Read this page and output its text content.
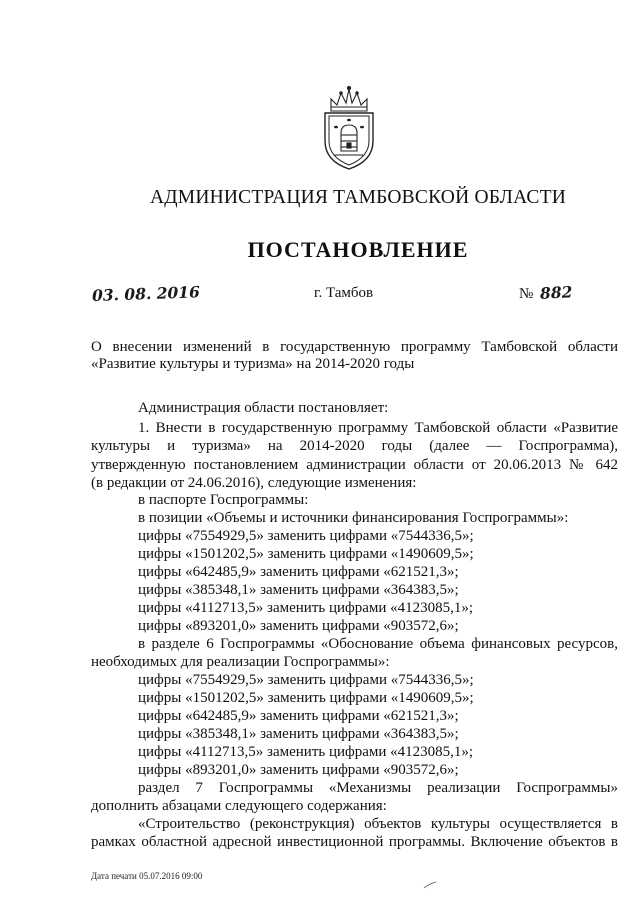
АДМИНИСТРАЦИЯ ТАМБОВСКОЙ ОБЛАСТИ
ПОСТАНОВЛЕНИЕ
03. 08. 2016	г. Тамбов	№ 882
О внесении изменений в государственную программу Тамбовской области «Развитие культуры и туризма» на 2014-2020 годы
Администрация области постановляет:
1. Внести в государственную программу Тамбовской области «Развитие
культуры и туризма» на 2014-2020 годы (далее — Госпрограмма),
утвержденную постановлением администрации области от 20.06.2013 № 642
(в редакции от 24.06.2016), следующие изменения:
в паспорте Госпрограммы:
в позиции «Объемы и источники финансирования Госпрограммы»:
цифры «7554929,5» заменить цифрами «7544336,5»;
цифры «1501202,5» заменить цифрами «1490609,5»;
цифры «642485,9» заменить цифрами «621521,3»;
цифры «385348,1» заменить цифрами «364383,5»;
цифры «4112713,5» заменить цифрами «4123085,1»;
цифры «893201,0» заменить цифрами «903572,6»;
в разделе 6 Госпрограммы «Обоснование объема финансовых ресурсов,
необходимых для реализации Госпрограммы»:
цифры «7554929,5» заменить цифрами «7544336,5»;
цифры «1501202,5» заменить цифрами «1490609,5»;
цифры «642485,9» заменить цифрами «621521,3»;
цифры «385348,1» заменить цифрами «364383,5»;
цифры «4112713,5» заменить цифрами «4123085,1»;
цифры «893201,0» заменить цифрами «903572,6»;
раздел 7 Госпрограммы «Механизмы реализации Госпрограммы»
дополнить абзацами следующего содержания:
«Строительство (реконструкция) объектов культуры осуществляется в
рамках областной адресной инвестиционной программы. Включение объектов в
Дата печати 05.07.2016 09:00
